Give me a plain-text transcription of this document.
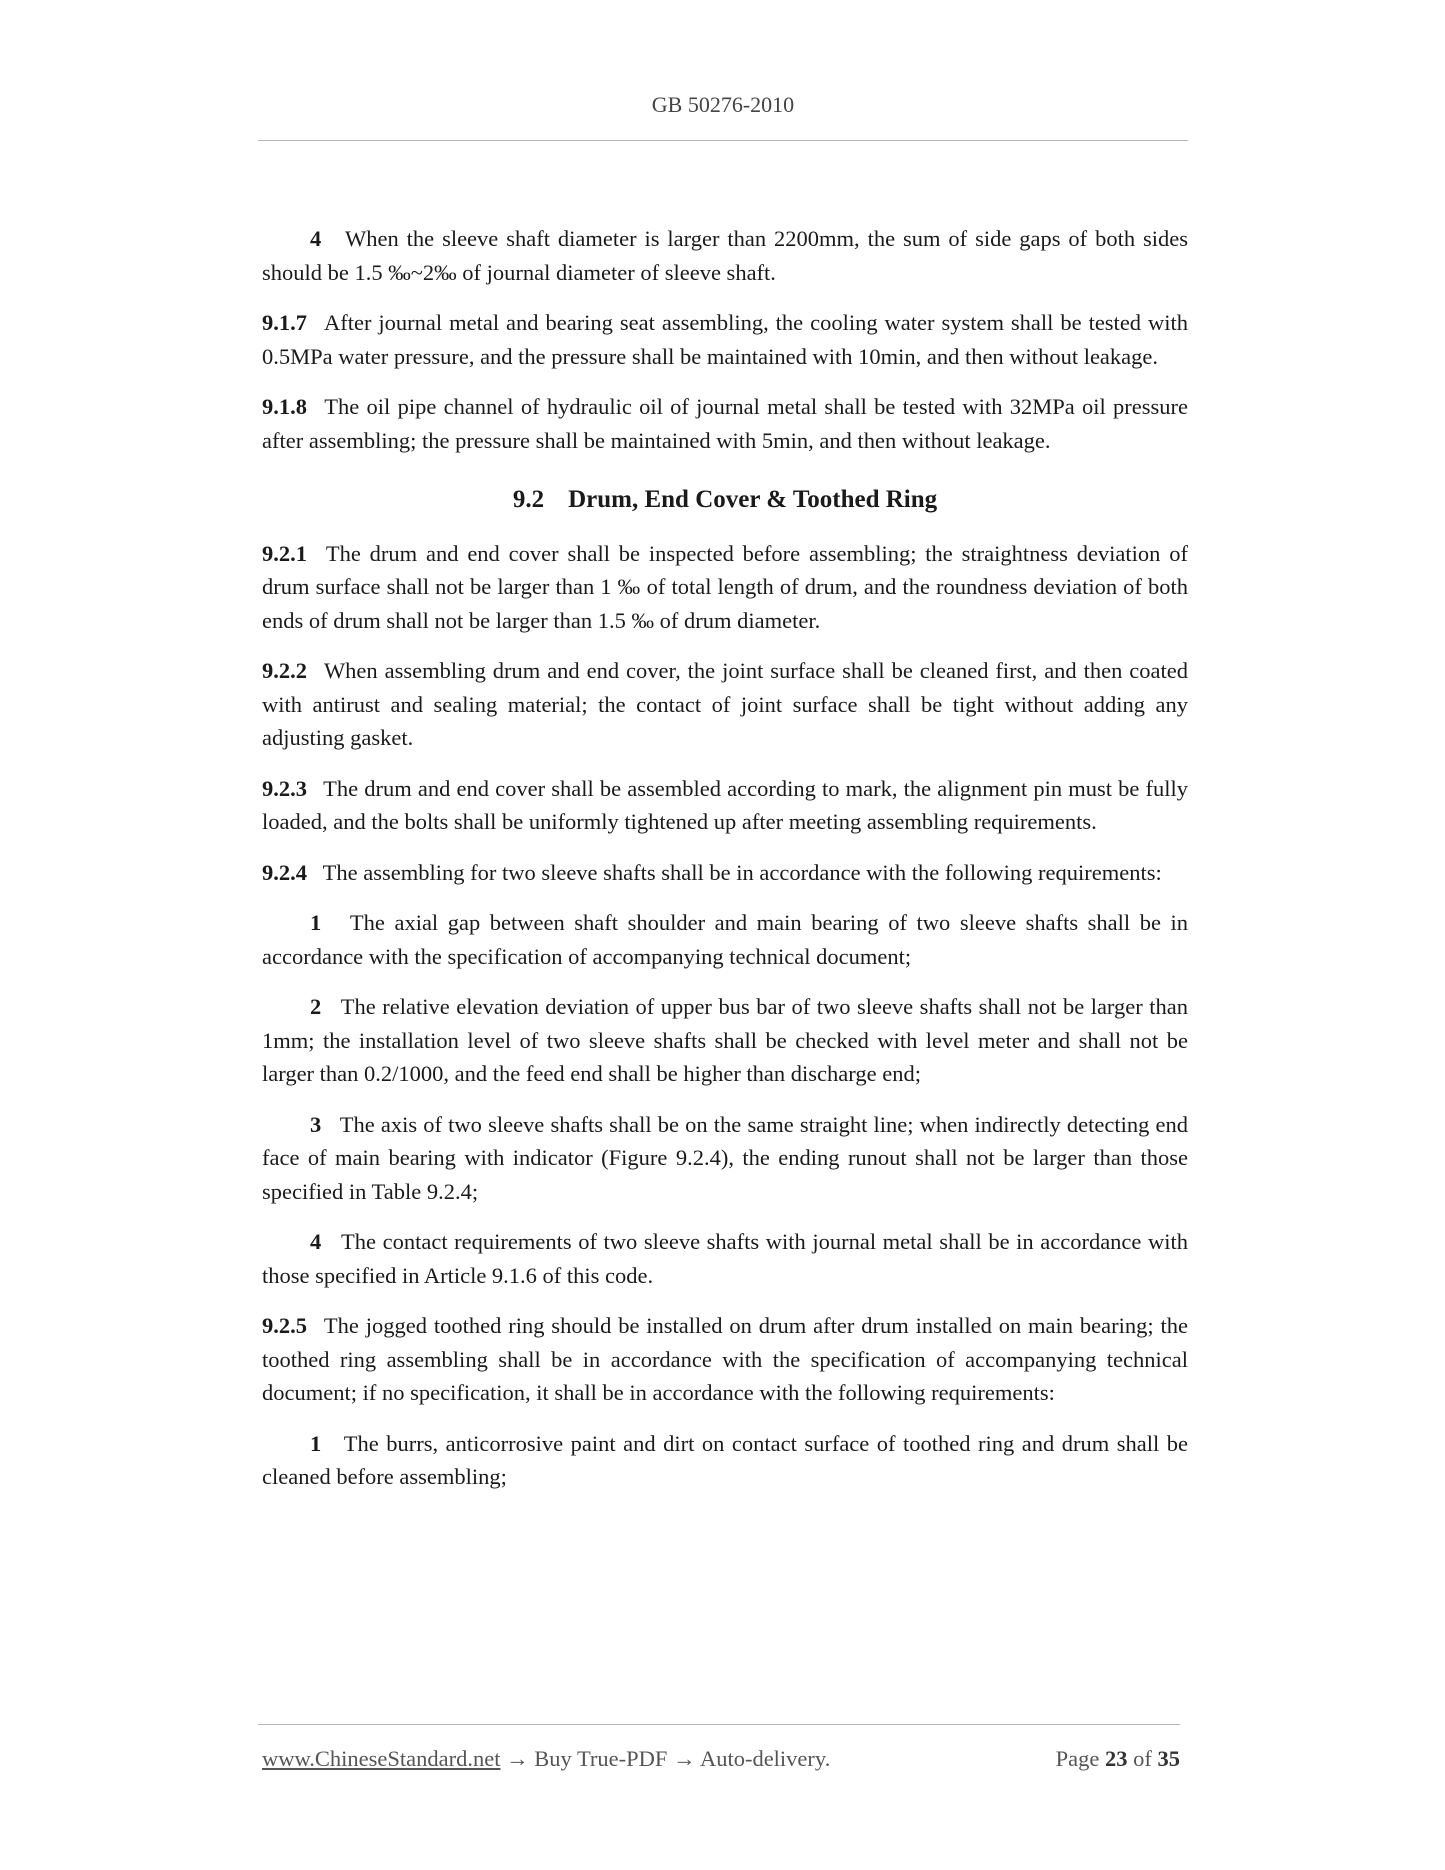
GB 50276-2010

4 When the sleeve shaft diameter is larger than 2200mm, the sum of side gaps of both sides should be 1.5 ‰~2‰ of journal diameter of sleeve shaft.

9.1.7 After journal metal and bearing seat assembling, the cooling water system shall be tested with 0.5MPa water pressure, and the pressure shall be maintained with 10min, and then without leakage.

9.1.8 The oil pipe channel of hydraulic oil of journal metal shall be tested with 32MPa oil pressure after assembling; the pressure shall be maintained with 5min, and then without leakage.

9.2 Drum, End Cover & Toothed Ring

9.2.1 The drum and end cover shall be inspected before assembling; the straightness deviation of drum surface shall not be larger than 1 ‰ of total length of drum, and the roundness deviation of both ends of drum shall not be larger than 1.5 ‰ of drum diameter.

9.2.2 When assembling drum and end cover, the joint surface shall be cleaned first, and then coated with antirust and sealing material; the contact of joint surface shall be tight without adding any adjusting gasket.

9.2.3 The drum and end cover shall be assembled according to mark, the alignment pin must be fully loaded, and the bolts shall be uniformly tightened up after meeting assembling requirements.

9.2.4 The assembling for two sleeve shafts shall be in accordance with the following requirements:

1 The axial gap between shaft shoulder and main bearing of two sleeve shafts shall be in accordance with the specification of accompanying technical document;

2 The relative elevation deviation of upper bus bar of two sleeve shafts shall not be larger than 1mm; the installation level of two sleeve shafts shall be checked with level meter and shall not be larger than 0.2/1000, and the feed end shall be higher than discharge end;

3 The axis of two sleeve shafts shall be on the same straight line; when indirectly detecting end face of main bearing with indicator (Figure 9.2.4), the ending runout shall not be larger than those specified in Table 9.2.4;

4 The contact requirements of two sleeve shafts with journal metal shall be in accordance with those specified in Article 9.1.6 of this code.

9.2.5 The jogged toothed ring should be installed on drum after drum installed on main bearing; the toothed ring assembling shall be in accordance with the specification of accompanying technical document; if no specification, it shall be in accordance with the following requirements:

1 The burrs, anticorrosive paint and dirt on contact surface of toothed ring and drum shall be cleaned before assembling;

www.ChineseStandard.net → Buy True-PDF → Auto-delivery.	Page 23 of 35
